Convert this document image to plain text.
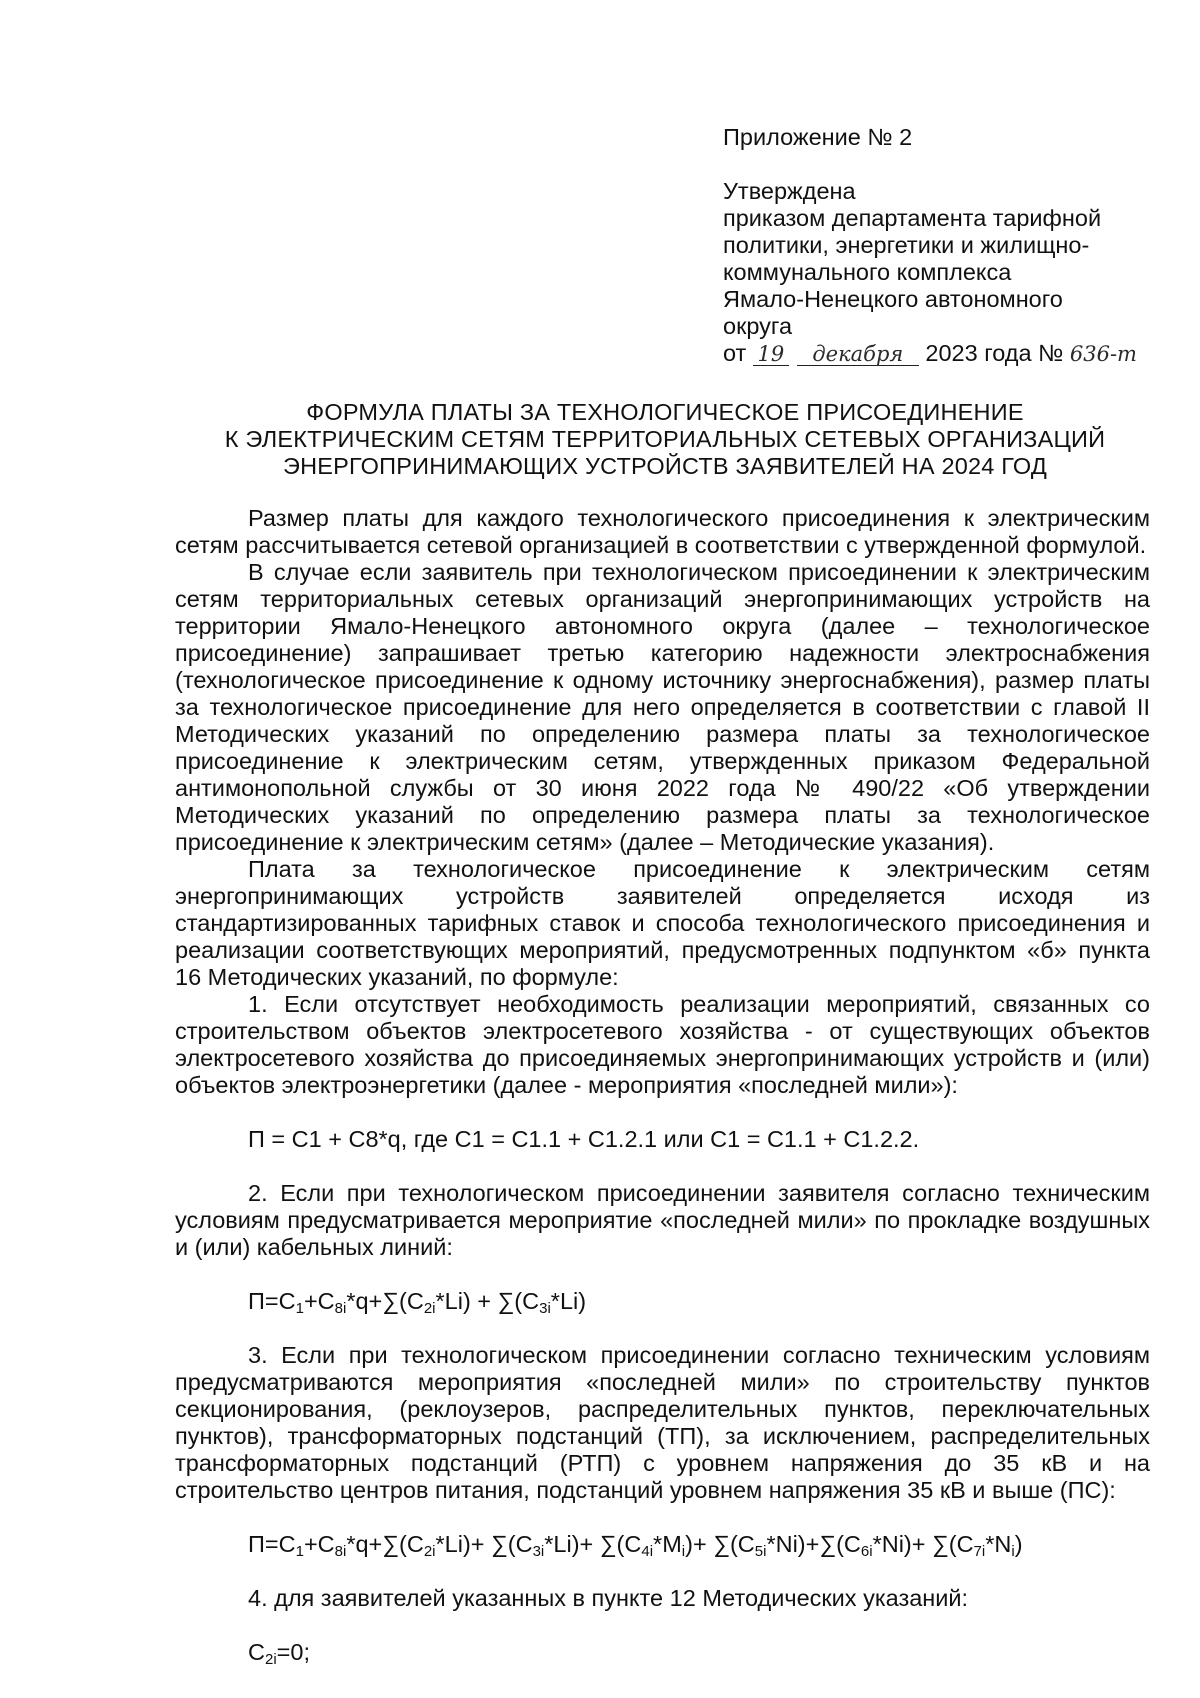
Приложение № 2
Утверждена
приказом департамента тарифной
политики, энергетики и жилищно-
коммунального комплекса
Ямало-Ненецкого автономного
округа
от 19 декабря 2023 года № 636-т
ФОРМУЛА ПЛАТЫ ЗА ТЕХНОЛОГИЧЕСКОЕ ПРИСОЕДИНЕНИЕ
К ЭЛЕКТРИЧЕСКИМ СЕТЯМ ТЕРРИТОРИАЛЬНЫХ СЕТЕВЫХ ОРГАНИЗАЦИЙ
ЭНЕРГОПРИНИМАЮЩИХ УСТРОЙСТВ ЗАЯВИТЕЛЕЙ НА 2024 ГОД

Размер платы для каждого технологического присоединения к электрическим сетям рассчитывается сетевой организацией в соответствии с утвержденной формулой.

В случае если заявитель при технологическом присоединении к электрическим сетям территориальных сетевых организаций энергопринимающих устройств на территории Ямало-Ненецкого автономного округа (далее – технологическое присоединение) запрашивает третью категорию надежности электроснабжения (технологическое присоединение к одному источнику энергоснабжения), размер платы за технологическое присоединение для него определяется в соответствии с главой II Методических указаний по определению размера платы за технологическое присоединение к электрическим сетям, утвержденных приказом Федеральной антимонопольной службы от 30 июня 2022 года № 490/22 «Об утверждении Методических указаний по определению размера платы за технологическое присоединение к электрическим сетям» (далее – Методические указания).

Плата за технологическое присоединение к электрическим сетям энергопринимающих устройств заявителей определяется исходя из стандартизированных тарифных ставок и способа технологического присоединения и реализации соответствующих мероприятий, предусмотренных подпунктом «б» пункта 16 Методических указаний, по формуле:

1. Если отсутствует необходимость реализации мероприятий, связанных со строительством объектов электросетевого хозяйства - от существующих объектов электросетевого хозяйства до присоединяемых энергопринимающих устройств и (или) объектов электроэнергетики (далее - мероприятия «последней мили»):

П = С1 + С8*q, где С1 = С1.1 + С1.2.1 или С1 = С1.1 + С1.2.2.

2. Если при технологическом присоединении заявителя согласно техническим условиям предусматривается мероприятие «последней мили» по прокладке воздушных и (или) кабельных линий:

$П=С_1+С_{8i}*q+\sum(С_{2i}*Li) + \sum(С_{3i}*Li)$

3. Если при технологическом присоединении согласно техническим условиям предусматриваются мероприятия «последней мили» по строительству пунктов секционирования, (реклоузеров, распределительных пунктов, переключательных пунктов), трансформаторных подстанций (ТП), за исключением, распределительных трансформаторных подстанций (РТП) с уровнем напряжения до 35 кВ и на строительство центров питания, подстанций уровнем напряжения 35 кВ и выше (ПС):

$П=С_1+С_{8i}*q+\sum(С_{2i}*Li)+ \sum(С_{3i}*Li)+ \sum(С_{4i}*M_i)+ \sum(С_{5i}*Ni)+\sum(С_{6i}*Ni)+ \sum(С_{7i}*N_i)$

4. для заявителей указанных в пункте 12 Методических указаний:

$С_{2i}=0$;
